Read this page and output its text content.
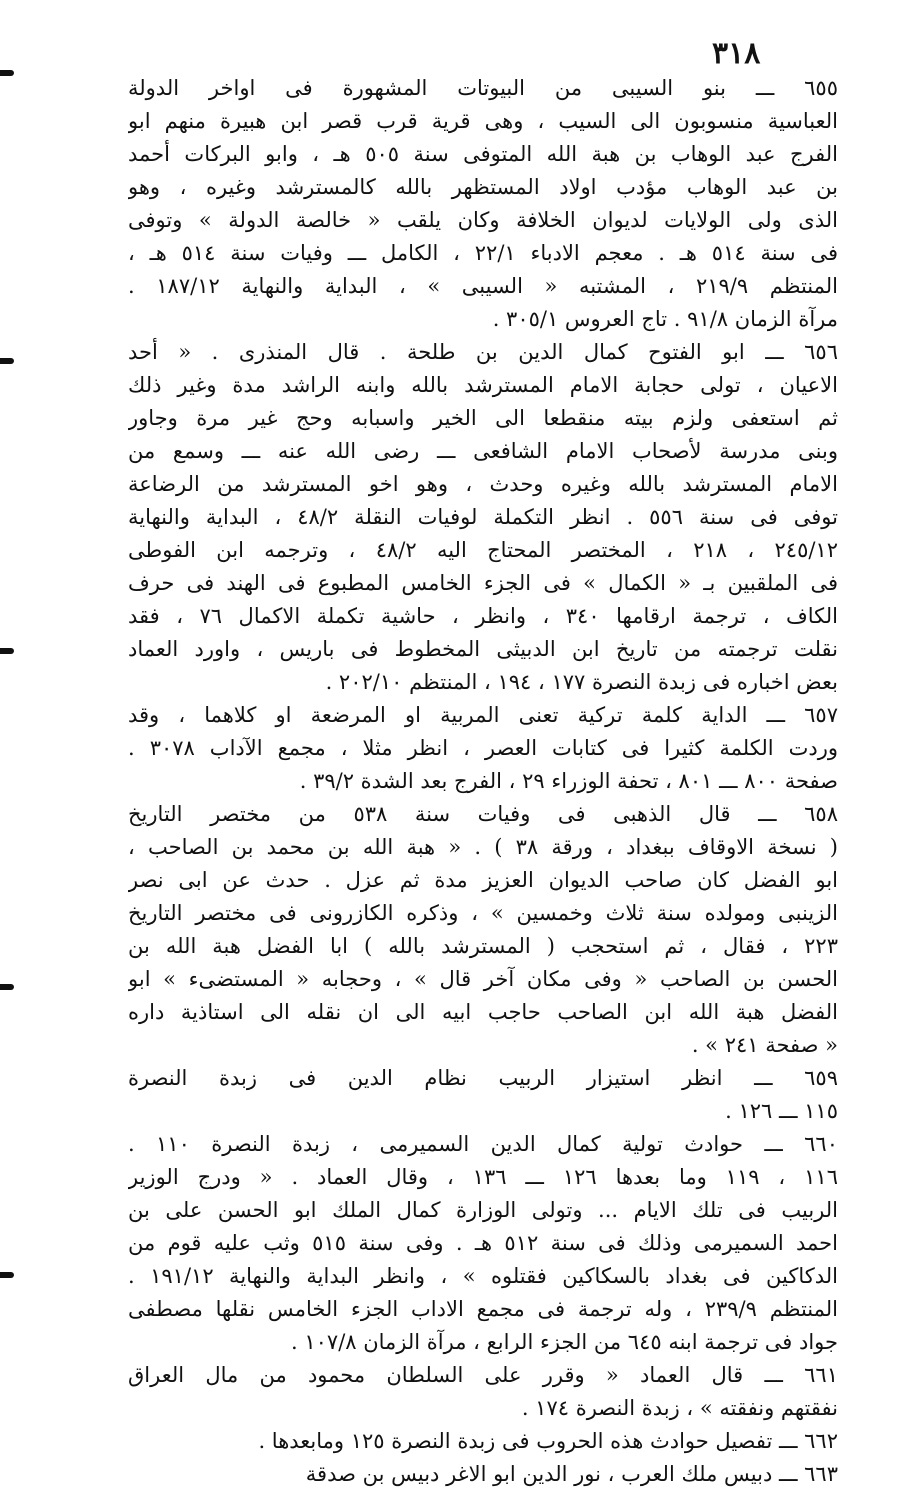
٣١٨
٦٥٥ ـــ بنو السيبى من البيوتات المشهورة فى اواخر الدولة
العباسية منسوبون الى السيب ، وهى قرية قرب قصر ابن هبيرة منهم ابو
الفرج عبد الوهاب بن هبة الله المتوفى سنة ٥٠٥ هـ ، وابو البركات أحمد
بن عبد الوهاب مؤدب اولاد المستظهر بالله كالمسترشد وغيره ، وهو
الذى ولى الولايات لديوان الخلافة وكان يلقب « خالصة الدولة » وتوفى
فى سنة ٥١٤ هـ . معجم الادباء ٢٢/١ ، الكامل ـــ وفيات سنة ٥١٤ هـ ،
المنتظم ٢١٩/٩ ، المشتبه « السيبى » ، البداية والنهاية ١٨٧/١٢ .
مرآة الزمان ٩١/٨ . تاج العروس ٣٠٥/١ .
٦٥٦ ـــ ابو الفتوح كمال الدين بن طلحة . قال المنذرى . « أحد
الاعيان ، تولى حجابة الامام المسترشد بالله وابنه الراشد مدة وغير ذلك
ثم استعفى ولزم بيته منقطعا الى الخير واسبابه وحج غير مرة وجاور
وبنى مدرسة لأصحاب الامام الشافعى ـــ رضى الله عنه ـــ وسمع من
الامام المسترشد بالله وغيره وحدث ، وهو اخو المسترشد من الرضاعة
توفى فى سنة ٥٥٦ . انظر التكملة لوفيات النقلة ٤٨/٢ ، البداية والنهاية
٢٤٥/١٢ ، ٢١٨ ، المختصر المحتاج اليه ٤٨/٢ ، وترجمه ابن الفوطى
فى الملقبين بـ « الكمال » فى الجزء الخامس المطبوع فى الهند فى حرف
الكاف ، ترجمة ارقامها ٣٤٠ ، وانظر ، حاشية تكملة الاكمال ٧٦ ، فقد
نقلت ترجمته من تاريخ ابن الدبيثى المخطوط فى باريس ، واورد العماد
بعض اخباره فى زبدة النصرة ١٧٧ ، ١٩٤ ، المنتظم ٢٠٢/١٠ .
٦٥٧ ـــ الداية كلمة تركية تعنى المربية او المرضعة او كلاهما ، وقد
وردت الكلمة كثيرا فى كتابات العصر ، انظر مثلا ، مجمع الآداب ٣٠٧٨ .
صفحة ٨٠٠ ـــ ٨٠١ ، تحفة الوزراء ٢٩ ، الفرج بعد الشدة ٣٩/٢ .
٦٥٨ ـــ قال الذهبى فى وفيات سنة ٥٣٨ من مختصر التاريخ
( نسخة الاوقاف ببغداد ، ورقة ٣٨ ) . « هبة الله بن محمد بن الصاحب ،
ابو الفضل كان صاحب الديوان العزيز مدة ثم عزل . حدث عن ابى نصر
الزينبى ومولده سنة ثلاث وخمسين » ، وذكره الكازرونى فى مختصر التاريخ
٢٢٣ ، فقال ، ثم استحجب ( المسترشد بالله ) ابا الفضل هبة الله بن
الحسن بن الصاحب « وفى مكان آخر قال » ، وحجابه « المستضىء » ابو
الفضل هبة الله ابن الصاحب حاجب ابيه الى ان نقله الى استاذية داره
« صفحة ٢٤١ » .
٦٥٩ ـــ انظر استيزار الربيب نظام الدين فى زبدة النصرة
١١٥ ـــ ١٢٦ .
٦٦٠ ـــ حوادث تولية كمال الدين السميرمى ، زبدة النصرة ١١٠ .
١١٦ ، ١١٩ وما بعدها ١٢٦ ـــ ١٣٦ ، وقال العماد . « ودرج الوزير
الربيب فى تلك الايام ... وتولى الوزارة كمال الملك ابو الحسن على بن
احمد السميرمى وذلك فى سنة ٥١٢ هـ . وفى سنة ٥١٥ وثب عليه قوم من
الدكاكين فى بغداد بالسكاكين فقتلوه » ، وانظر البداية والنهاية ١٩١/١٢ .
المنتظم ٢٣٩/٩ ، وله ترجمة فى مجمع الاداب الجزء الخامس نقلها مصطفى
جواد فى ترجمة ابنه ٦٤٥ من الجزء الرابع ، مرآة الزمان ١٠٧/٨ .
٦٦١ ـــ قال العماد « وقرر على السلطان محمود من مال العراق
نفقتهم ونفقته » ، زبدة النصرة ١٧٤ .
٦٦٢ ـــ تفصيل حوادث هذه الحروب فى زبدة النصرة ١٢٥ ومابعدها .
٦٦٣ ـــ دبيس ملك العرب ، نور الدين ابو الاغر دبيس بن صدقة
